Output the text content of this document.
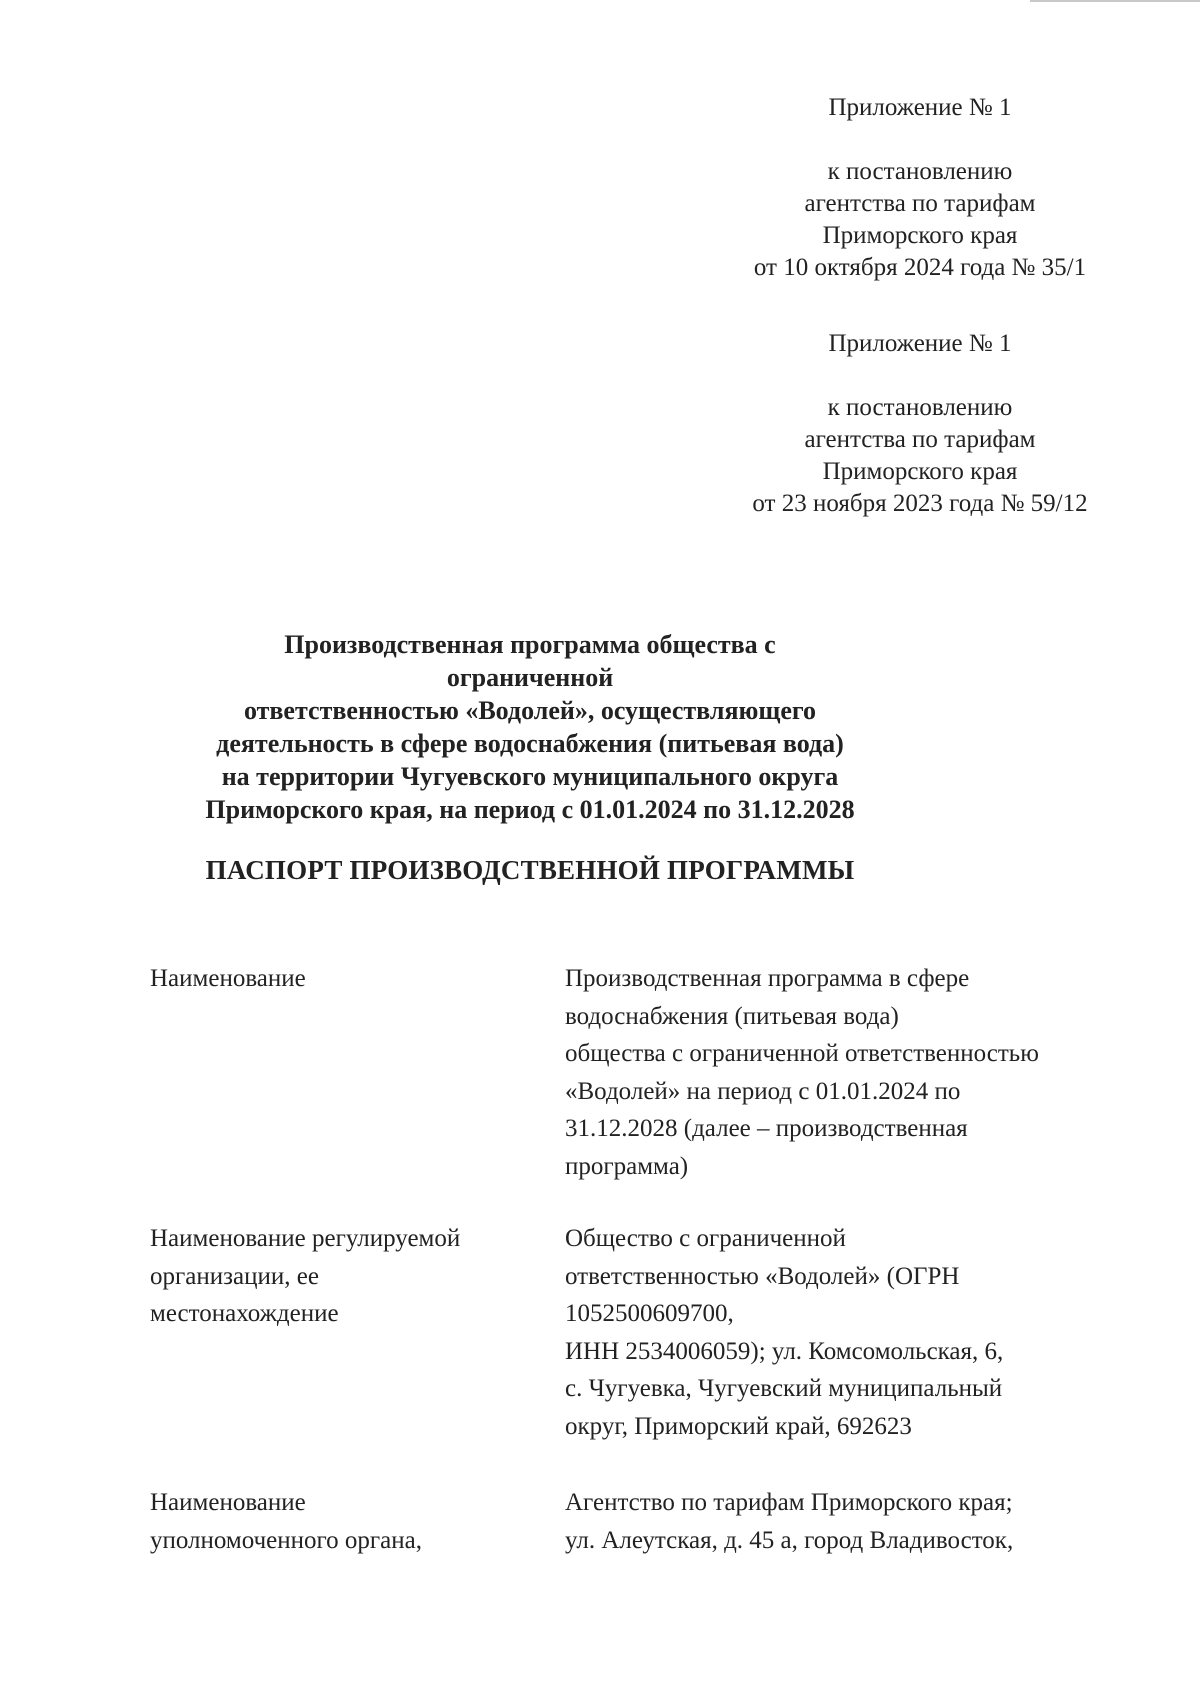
Приложение № 1
к постановлению
агентства по тарифам
Приморского края
от 10 октября 2024 года № 35/1
Приложение № 1
к постановлению
агентства по тарифам
Приморского края
от 23 ноября 2023 года № 59/12
Производственная программа общества с ограниченной
ответственностью «Водолей», осуществляющего
деятельность в сфере водоснабжения (питьевая вода)
на территории Чугуевского муниципального округа
Приморского края, на период с 01.01.2024 по 31.12.2028
ПАСПОРТ ПРОИЗВОДСТВЕННОЙ ПРОГРАММЫ
Наименование	Производственная программа в сфере
водоснабжения (питьевая вода)
общества с ограниченной ответственностью
«Водолей» на период с 01.01.2024 по
31.12.2028 (далее – производственная
программа)
Наименование регулируемой
организации, ее
местонахождение
Общество с ограниченной
ответственностью «Водолей» (ОГРН
1052500609700,
ИНН 2534006059); ул. Комсомольская, 6,
с. Чугуевка, Чугуевский муниципальный
округ, Приморский край, 692623
Наименование
уполномоченного органа,
Агентство по тарифам Приморского края;
ул. Алеутская, д. 45 а, город Владивосток,
